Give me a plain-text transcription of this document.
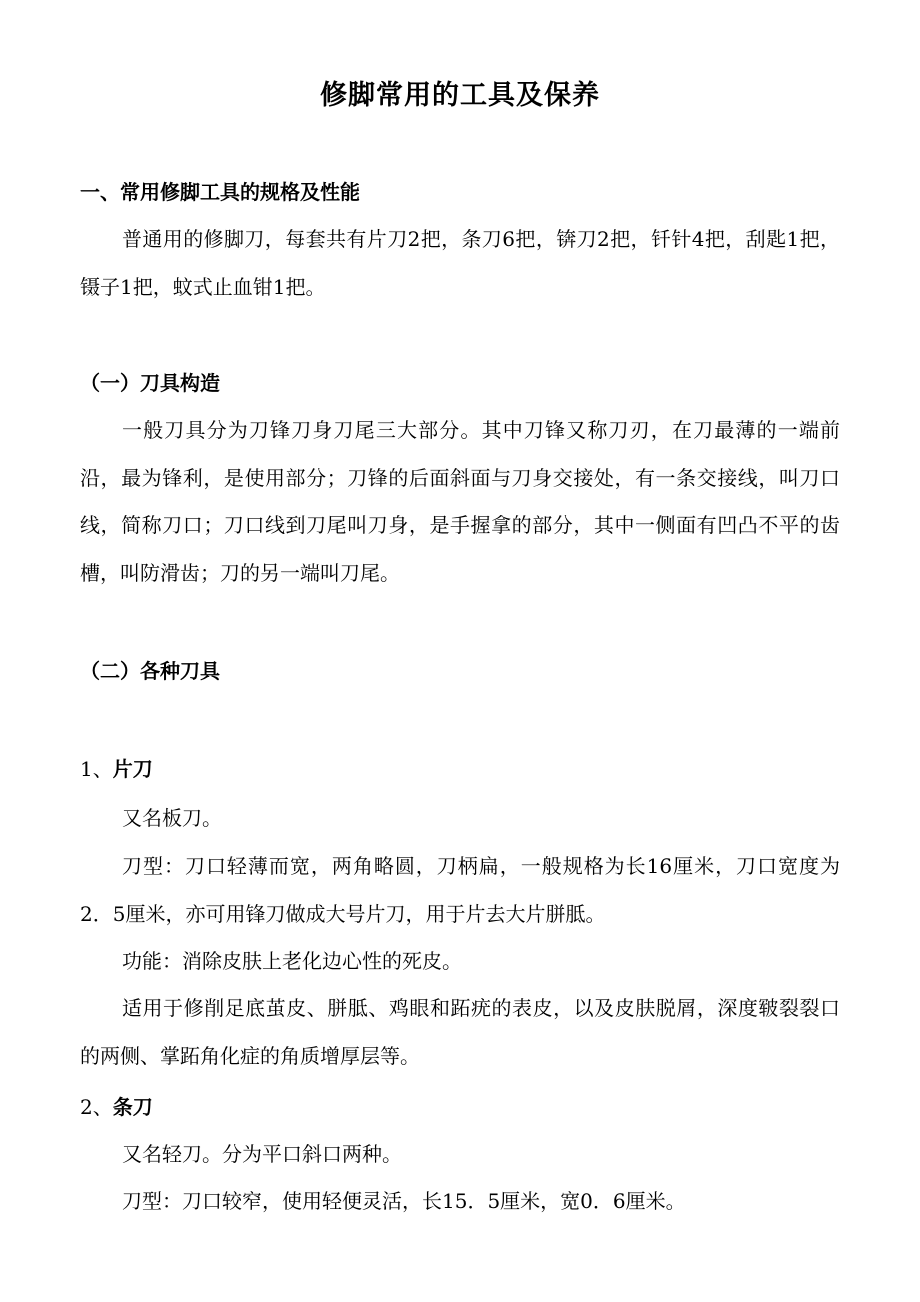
修脚常用的工具及保养
一、常用修脚工具的规格及性能
普通用的修脚刀，每套共有片刀2把，条刀6把，锛刀2把，钎针4把，刮匙1把，镊子1把，蚊式止血钳1把。
（一）刀具构造
一般刀具分为刀锋刀身刀尾三大部分。其中刀锋又称刀刃，在刀最薄的一端前沿，最为锋利，是使用部分；刀锋的后面斜面与刀身交接处，有一条交接线，叫刀口线，简称刀口；刀口线到刀尾叫刀身，是手握拿的部分，其中一侧面有凹凸不平的齿槽，叫防滑齿；刀的另一端叫刀尾。
（二）各种刀具
1、片刀
又名板刀。
刀型：刀口轻薄而宽，两角略圆，刀柄扁，一般规格为长16厘米，刀口宽度为2．5厘米，亦可用锋刀做成大号片刀，用于片去大片胼胝。
功能：消除皮肤上老化边心性的死皮。
适用于修削足底茧皮、胼胝、鸡眼和跖疣的表皮，以及皮肤脱屑，深度皲裂裂口的两侧、掌跖角化症的角质增厚层等。
2、条刀
又名轻刀。分为平口斜口两种。
刀型：刀口较窄，使用轻便灵活，长15．5厘米，宽0．6厘米。
